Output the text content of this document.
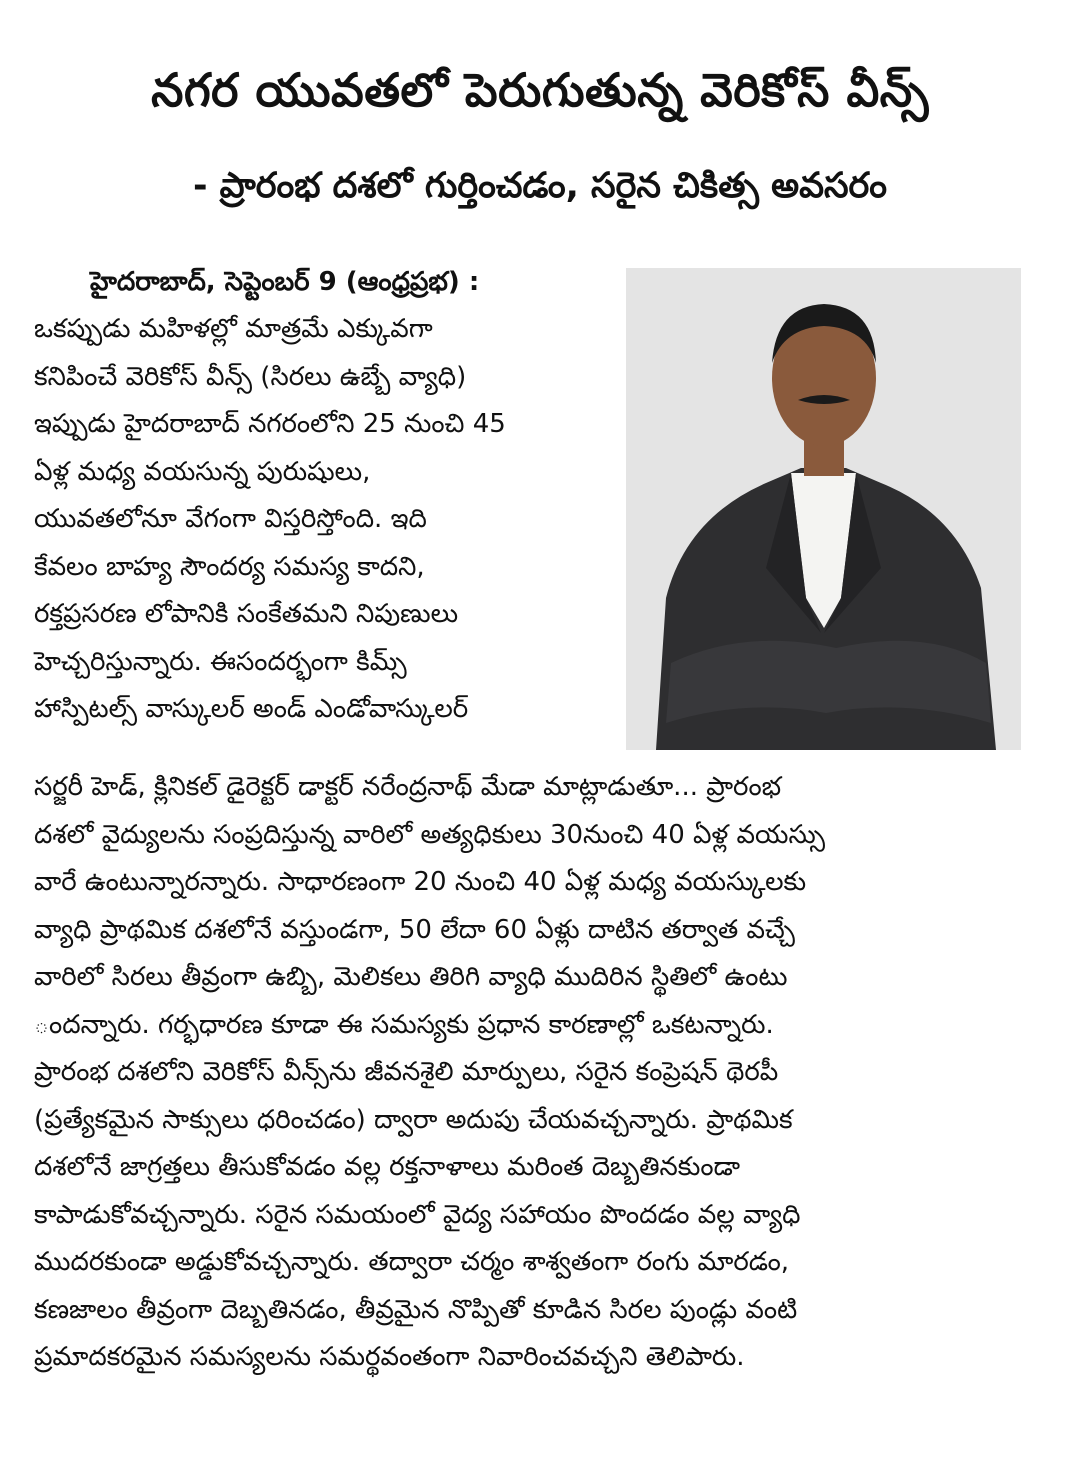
నగర యువతలో పెరుగుతున్న వెరికోస్ వీన్స్
- ప్రారంభ దశలో గుర్తించడం, సరైన చికిత్స అవసరం
హైదరాబాద్, సెప్టెంబర్ 9 (ఆంధ్రప్రభ) :
ఒకప్పుడు మహిళల్లో మాత్రమే ఎక్కువగా
కనిపించే వెరికోస్ వీన్స్ (సిరలు ఉబ్బే వ్యాధి)
ఇప్పుడు హైదరాబాద్ నగరంలోని 25 నుంచి 45
ఏళ్ల మధ్య వయసున్న పురుషులు,
యువతలోనూ వేగంగా విస్తరిస్తోంది. ఇది
కేవలం బాహ్య సౌందర్య సమస్య కాదని,
రక్తప్రసరణ లోపానికి సంకేతమని నిపుణులు
హెచ్చరిస్తున్నారు. ఈసందర్భంగా కిమ్స్
హాస్పిటల్స్ వాస్కులర్ అండ్ ఎండోవాస్కులర్
సర్జరీ హెడ్, క్లినికల్ డైరెక్టర్ డాక్టర్ నరేంద్రనాథ్ మేడా మాట్లాడుతూ... ప్రారంభ
దశలో వైద్యులను సంప్రదిస్తున్న వారిలో అత్యధికులు 30నుంచి 40 ఏళ్ల వయస్సు
వారే ఉంటున్నారన్నారు. సాధారణంగా 20 నుంచి 40 ఏళ్ల మధ్య వయస్కులకు
వ్యాధి ప్రాథమిక దశలోనే వస్తుండగా, 50 లేదా 60 ఏళ్లు దాటిన తర్వాత వచ్చే
వారిలో సిరలు తీవ్రంగా ఉబ్బి, మెలికలు తిరిగి వ్యాధి ముదిరిన స్థితిలో ఉంటు
ందన్నారు. గర్భధారణ కూడా ఈ సమస్యకు ప్రధాన కారణాల్లో ఒకటన్నారు.
ప్రారంభ దశలోని వెరికోస్ వీన్స్‌ను జీవనశైలి మార్పులు, సరైన కంప్రెషన్ థెరపీ
(ప్రత్యేకమైన సాక్సులు ధరించడం) ద్వారా అదుపు చేయవచ్చన్నారు. ప్రాథమిక
దశలోనే జాగ్రత్తలు తీసుకోవడం వల్ల రక్తనాళాలు మరింత దెబ్బతినకుండా
కాపాడుకోవచ్చన్నారు. సరైన సమయంలో వైద్య సహాయం పొందడం వల్ల వ్యాధి
ముదరకుండా అడ్డుకోవచ్చన్నారు. తద్వారా చర్మం శాశ్వతంగా రంగు మారడం,
కణజాలం తీవ్రంగా దెబ్బతినడం, తీవ్రమైన నొప్పితో కూడిన సిరల పుండ్లు వంటి
ప్రమాదకరమైన సమస్యలను సమర్థవంతంగా నివారించవచ్చని తెలిపారు.
